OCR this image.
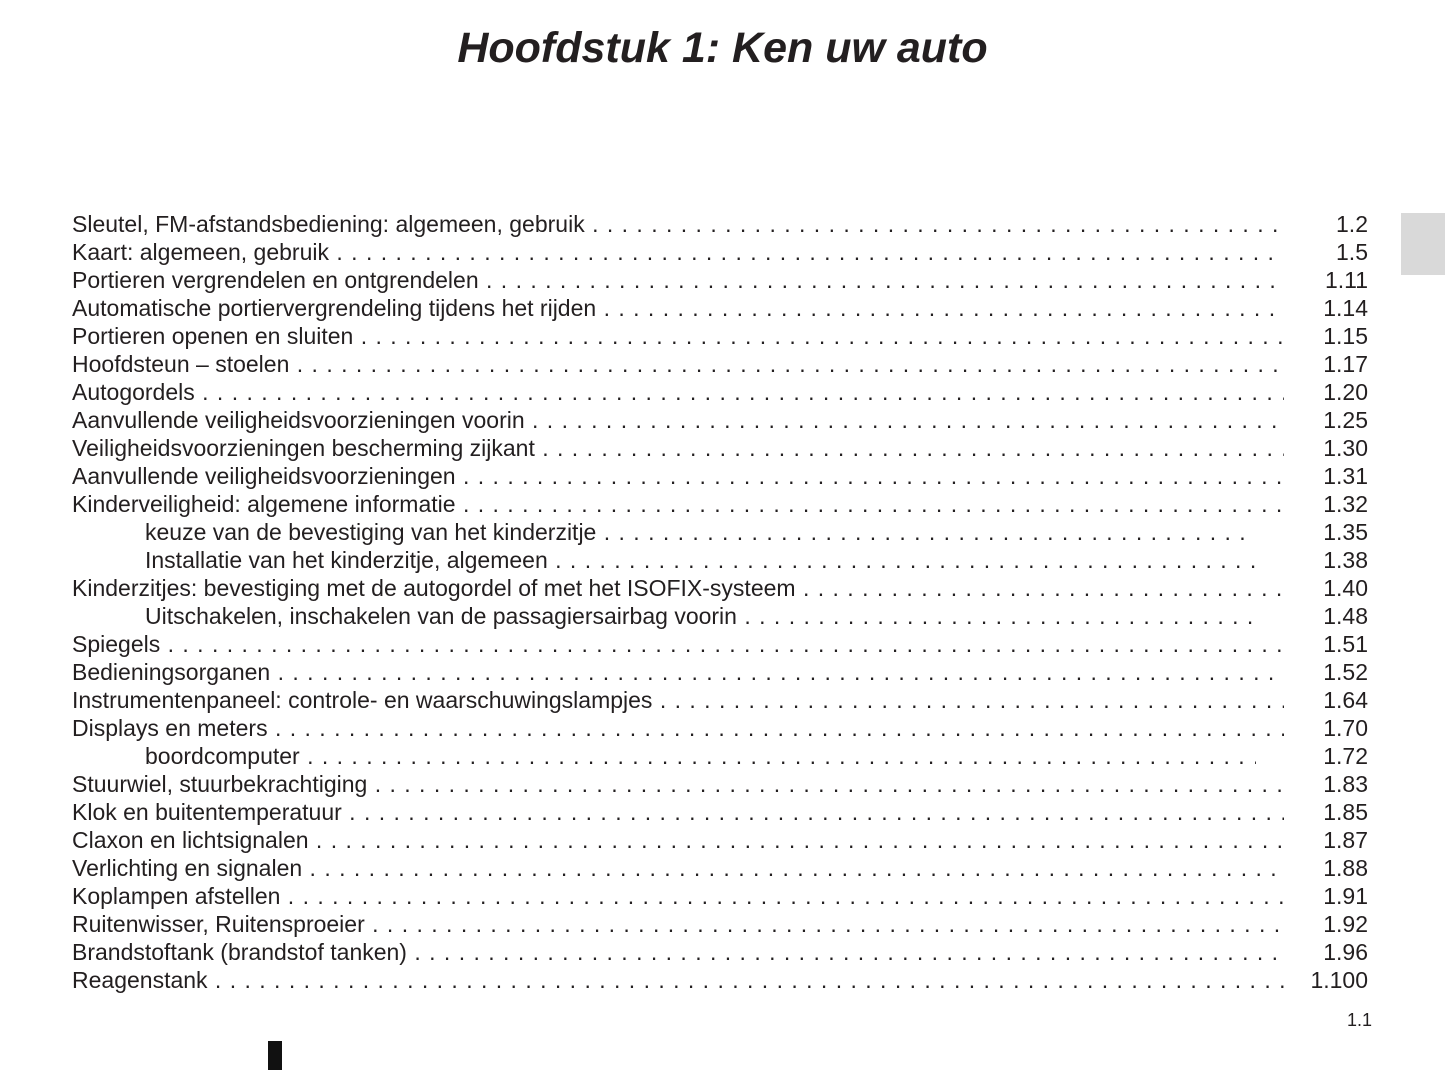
Hoofdstuk 1: Ken uw auto
Sleutel, FM-afstandsbediening: algemeen, gebruik . . .	1.2
Kaart: algemeen, gebruik . . .	1.5
Portieren vergrendelen en ontgrendelen . . .	1.11
Automatische portiervergrendeling tijdens het rijden . . .	1.14
Portieren openen en sluiten . . .	1.15
Hoofdsteun – stoelen . . .	1.17
Autogordels . . .	1.20
Aanvullende veiligheidsvoorzieningen voorin . . .	1.25
Veiligheidsvoorzieningen bescherming zijkant . . .	1.30
Aanvullende veiligheidsvoorzieningen . . .	1.31
Kinderveiligheid: algemene informatie . . .	1.32
keuze van de bevestiging van het kinderzitje . . .	1.35
Installatie van het kinderzitje, algemeen . . .	1.38
Kinderzitjes: bevestiging met de autogordel of met het ISOFIX-systeem . . .	1.40
Uitschakelen, inschakelen van de passagiersairbag voorin . . .	1.48
Spiegels . . .	1.51
Bedieningsorganen . . .	1.52
Instrumentenpaneel: controle- en waarschuwingslampjes . . .	1.64
Displays en meters . . .	1.70
boordcomputer . . .	1.72
Stuurwiel, stuurbekrachtiging . . .	1.83
Klok en buitentemperatuur . . .	1.85
Claxon en lichtsignalen . . .	1.87
Verlichting en signalen . . .	1.88
Koplampen afstellen . . .	1.91
Ruitenwisser, Ruitensproeier . . .	1.92
Brandstoftank (brandstof tanken) . . .	1.96
Reagenstank . . .	1.100
1.1
